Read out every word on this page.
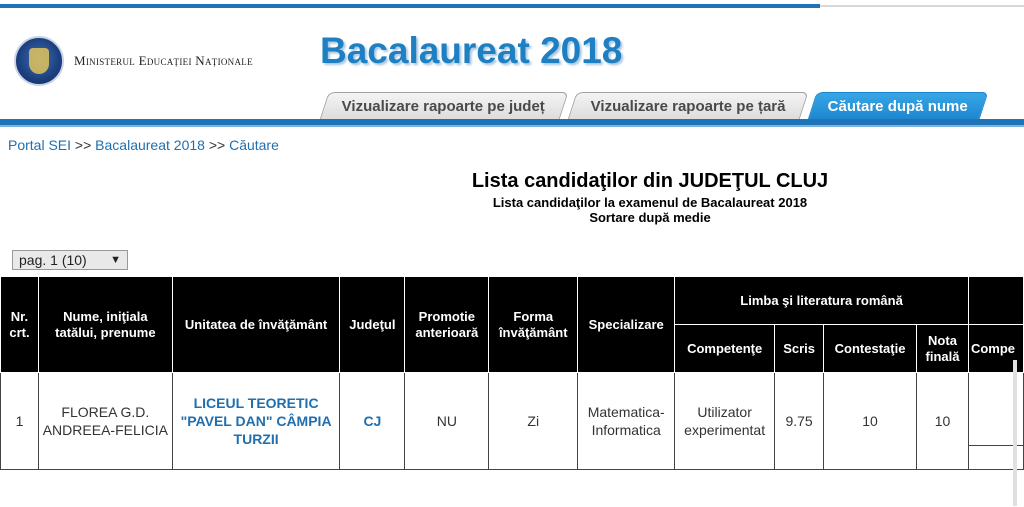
Ministerul Educației Naționale Bacalaureat 2018
Vizualizare rapoarte pe județ	Vizualizare rapoarte pe țară	Căutare după nume
Portal SEI >> Bacalaureat 2018 >> Căutare
Lista candidaţilor din JUDEŢUL CLUJ
Lista candidaţilor la examenul de Bacalaureat 2018
Sortare după medie
pag. 1 (10) ▼
Nr. crt.	Nume, iniţiala tatălui, prenume	Unitatea de învăţământ	Judeţul	Promotie anterioară	Forma învăţământ	Specializare	Limba şi literatura română				
							Competenţe	Scris	Contestaţie	Nota finală	Compe
1	FLOREA G.D. ANDREEA-FELICIA	LICEUL TEORETIC "PAVEL DAN" CÂMPIA TURZII	CJ	NU	Zi	Matematica-Informatica	Utilizator experimentat	9.75	10	10	
